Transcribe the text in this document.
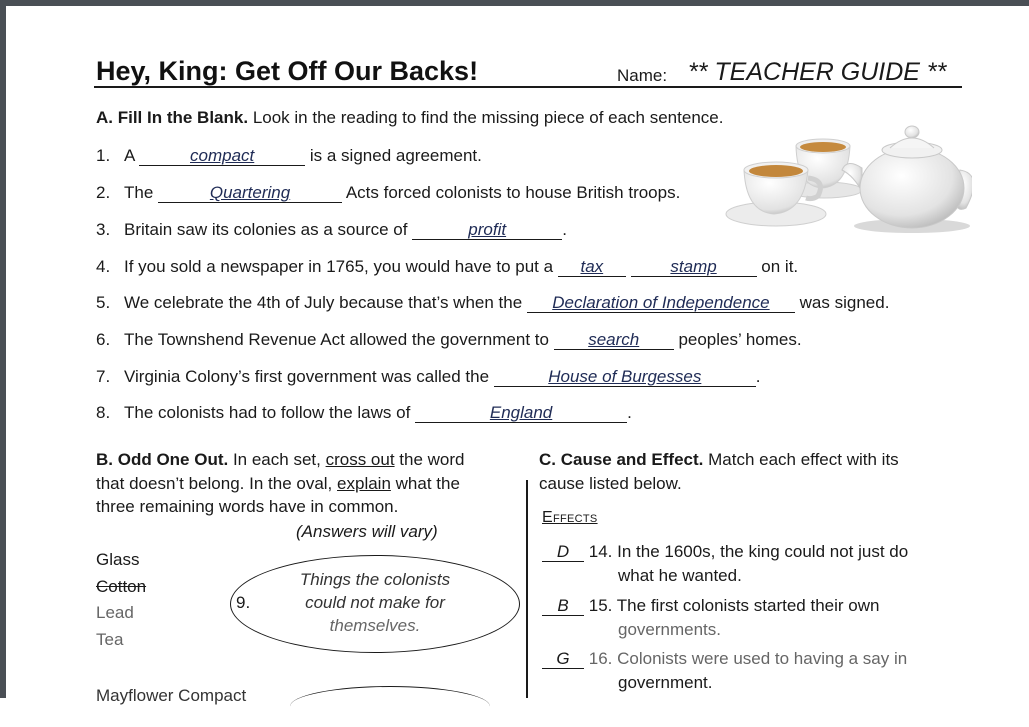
Hey, King: Get Off Our Backs!	Name: ** TEACHER GUIDE **
A. Fill In the Blank. Look in the reading to find the missing piece of each sentence.
1. A	compact	is a signed agreement.
2. The	Quartering	Acts forced colonists to house British troops.
3. Britain saw its colonies as a source of	profit	.
4. If you sold a newspaper in 1765, you would have to put a tax	stamp	on it.
5. We celebrate the 4th of July because that’s when the Declaration of Independence was signed.
6. The Townshend Revenue Act allowed the government to search peoples’ homes.
7. Virginia Colony’s first government was called the	House of Burgesses	.
8. The colonists had to follow the laws of	England	.
B. Odd One Out. In each set, cross out the word
that doesn’t belong. In the oval, explain what the
three remaining words have in common.
(Answers will vary)
Glass
Cotton
Lead
Tea
9.
Things the colonists
could not make for
themselves.
Mayflower Compact
C. Cause and Effect. Match each effect with its
cause listed below.
Effects
D 14. In the 1600s, the king could not just do
what he wanted.
B 15. The first colonists started their own
governments.
G 16. Colonists were used to having a say in
government.
